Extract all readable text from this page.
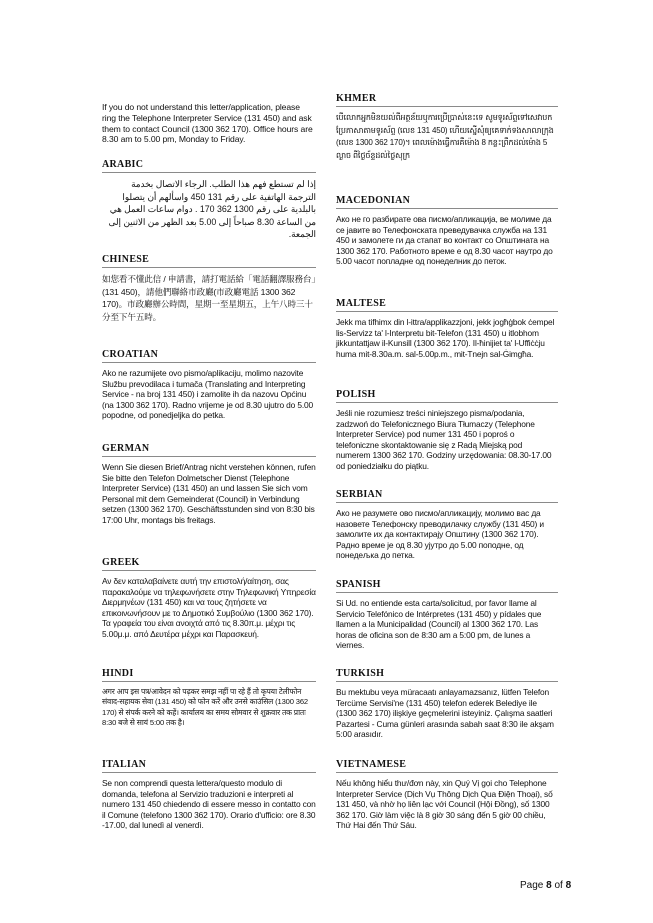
If you do not understand this letter/application, please ring the Telephone Interpreter Service (131 450) and ask them to contact Council (1300 362 170). Office hours are 8.30 am to 5.00 pm, Monday to Friday.
ARABIC
إذا لم تستطع فهم هذا الطلب. الرجاء الاتصال بخدمة الترجمة الهاتفية على رقم 131 450 واسألهم أن يتصلوا بالبلدية على رقم 1300 362 170 . دوام ساعات العمل هي من الساعة 8.30 صباحاً إلى 5.00 بعد الظهر من الاثنين إلى الجمعة.
CHINESE
如您看不懂此信 / 申請書，請打電話給「電話翻譯服務台」(131 450)，請他們聯絡市政廳(市政廳電話 1300 362 170)。市政廳辦公時間，星期一至星期五，上午八時三十分至下午五時。
CROATIAN
Ako ne razumijete ovo pismo/aplikaciju, molimo nazovite Službu prevodilaca i tumača (Translating and Interpreting Service - na broj 131 450) i zamolite ih da nazovu Općinu (na 1300 362 170). Radno vrijeme je od 8.30 ujutro do 5.00 popodne, od ponedjeljka do petka.
GERMAN
Wenn Sie diesen Brief/Antrag nicht verstehen können, rufen Sie bitte den Telefon Dolmetscher Dienst (Telephone Interpreter Service) (131 450) an und lassen Sie sich vom Personal mit dem Gemeinderat (Council) in Verbindung setzen (1300 362 170). Geschäftsstunden sind von 8:30 bis 17:00 Uhr, montags bis freitags.
GREEK
Αν δεν καταλαβαίνετε αυτή την επιστολή/αίτηση, σας παρακαλούμε να τηλεφωνήσετε στην Τηλεφωνική Υπηρεσία Διερμηνέων (131 450) και να τους ζητήσετε να επικοινωνήσουν με το Δημοτικό Συμβούλιο (1300 362 170). Τα γραφεία του είναι ανοιχτά από τις 8.30π.μ. μέχρι τις 5.00μ.μ. από Δευτέρα μέχρι και Παρασκευή.
HINDI
अगर आप इस पत्र/आवेदन को पढ़कर समझ नहीं पा रहे हैं तो कृपया टेलीफोन संवाद-सहायक सेवा (131 450) को फोन करें और उनसे काउंसिल (1300 362 170) से संपर्क करने को कहें। कार्यालय का समय सोमवार से शुक्रवार तक प्रातः 8:30 बजे से सायं 5:00 तक है।
ITALIAN
Se non comprendi questa lettera/questo modulo di domanda, telefona al Servizio traduzioni e interpreti al numero 131 450 chiedendo di essere messo in contatto con il Comune (telefono 1300 362 170). Orario d'ufficio: ore 8.30 -17.00, dal lunedì al venerdì.
KHMER
បើលោកអ្នកមិនយល់ពីអត្ថន័យឬការប្រើប្រាស់នេះទេ សូមទូរស័ព្ទទៅសេវាបកប្រែភាសាតាមទូរស័ព្ទ (លេខ 131 450) ហើយស្នើសុំឲ្យគេទាក់ទងសាលាក្រុង (លេខ 1300 362 170)។ ពេលម៉ោងធ្វើការគឺម៉ោង 8 កន្លះព្រឹកដល់ម៉ោង 5 ល្ងាច ពីថ្ងៃច័ន្ទដល់ថ្ងៃសុក្រ
MACEDONIAN
Ако не го разбирате ова писмо/апликација, ве молиме да се јавите во Телефонската преведувачка служба на 131 450 и замолете ги да стапат во контакт со Општината на 1300 362 170. Работното време е од 8.30 часот наутро до 5.00 часот попладне од понеделник до петок.
MALTESE
Jekk ma tifhimx din l-ittra/applikazzjoni, jekk jogħġbok ċempel lis-Servizz ta' l-Interpretu bit-Telefon (131 450) u itlobhom jikkuntattjaw il-Kunsill (1300 362 170). Il-ħinijiet ta' l-Uffiċċju huma mit-8.30a.m. sal-5.00p.m., mit-Tnejn sal-Ġimgħa.
POLISH
Jeśli nie rozumiesz treści niniejszego pisma/podania, zadzwoń do Telefonicznego Biura Tłumaczy (Telephone Interpreter Service) pod numer 131 450 i poproś o telefoniczne skontaktowanie się z Radą Miejską pod numerem 1300 362 170. Godziny urzędowania: 08.30-17.00 od poniedziałku do piątku.
SERBIAN
Ако не разумете ово писмо/апликацију, молимо вас да назовете Телефонску преводилачку службу (131 450) и замолите их да контактирају Општину (1300 362 170). Радно време је од 8.30 ујутро до 5.00 поподне, од понедељка до петка.
SPANISH
Si Ud. no entiende esta carta/solicitud, por favor llame al Servicio Telefónico de Intérpretes (131 450) y pídales que llamen a la Municipalidad (Council) al 1300 362 170. Las horas de oficina son de 8:30 am a 5:00 pm, de lunes a viernes.
TURKISH
Bu mektubu veya müracaatı anlayamazsanız, lütfen Telefon Tercüme Servisi'ne (131 450) telefon ederek Belediye ile (1300 362 170) ilişkiye geçmelerini isteyiniz. Çalışma saatleri Pazartesi - Cuma günleri arasında sabah saat 8:30 ile akşam 5:00 arasıdır.
VIETNAMESE
Nếu không hiểu thư/đơn này, xin Quý Vị gọi cho Telephone Interpreter Service (Dịch Vụ Thông Dịch Qua Điện Thoại), số 131 450, và nhờ họ liên lạc với Council (Hội Đồng), số 1300 362 170. Giờ làm việc là 8 giờ 30 sáng đến 5 giờ 00 chiều, Thứ Hai đến Thứ Sáu.
Page 8 of 8
